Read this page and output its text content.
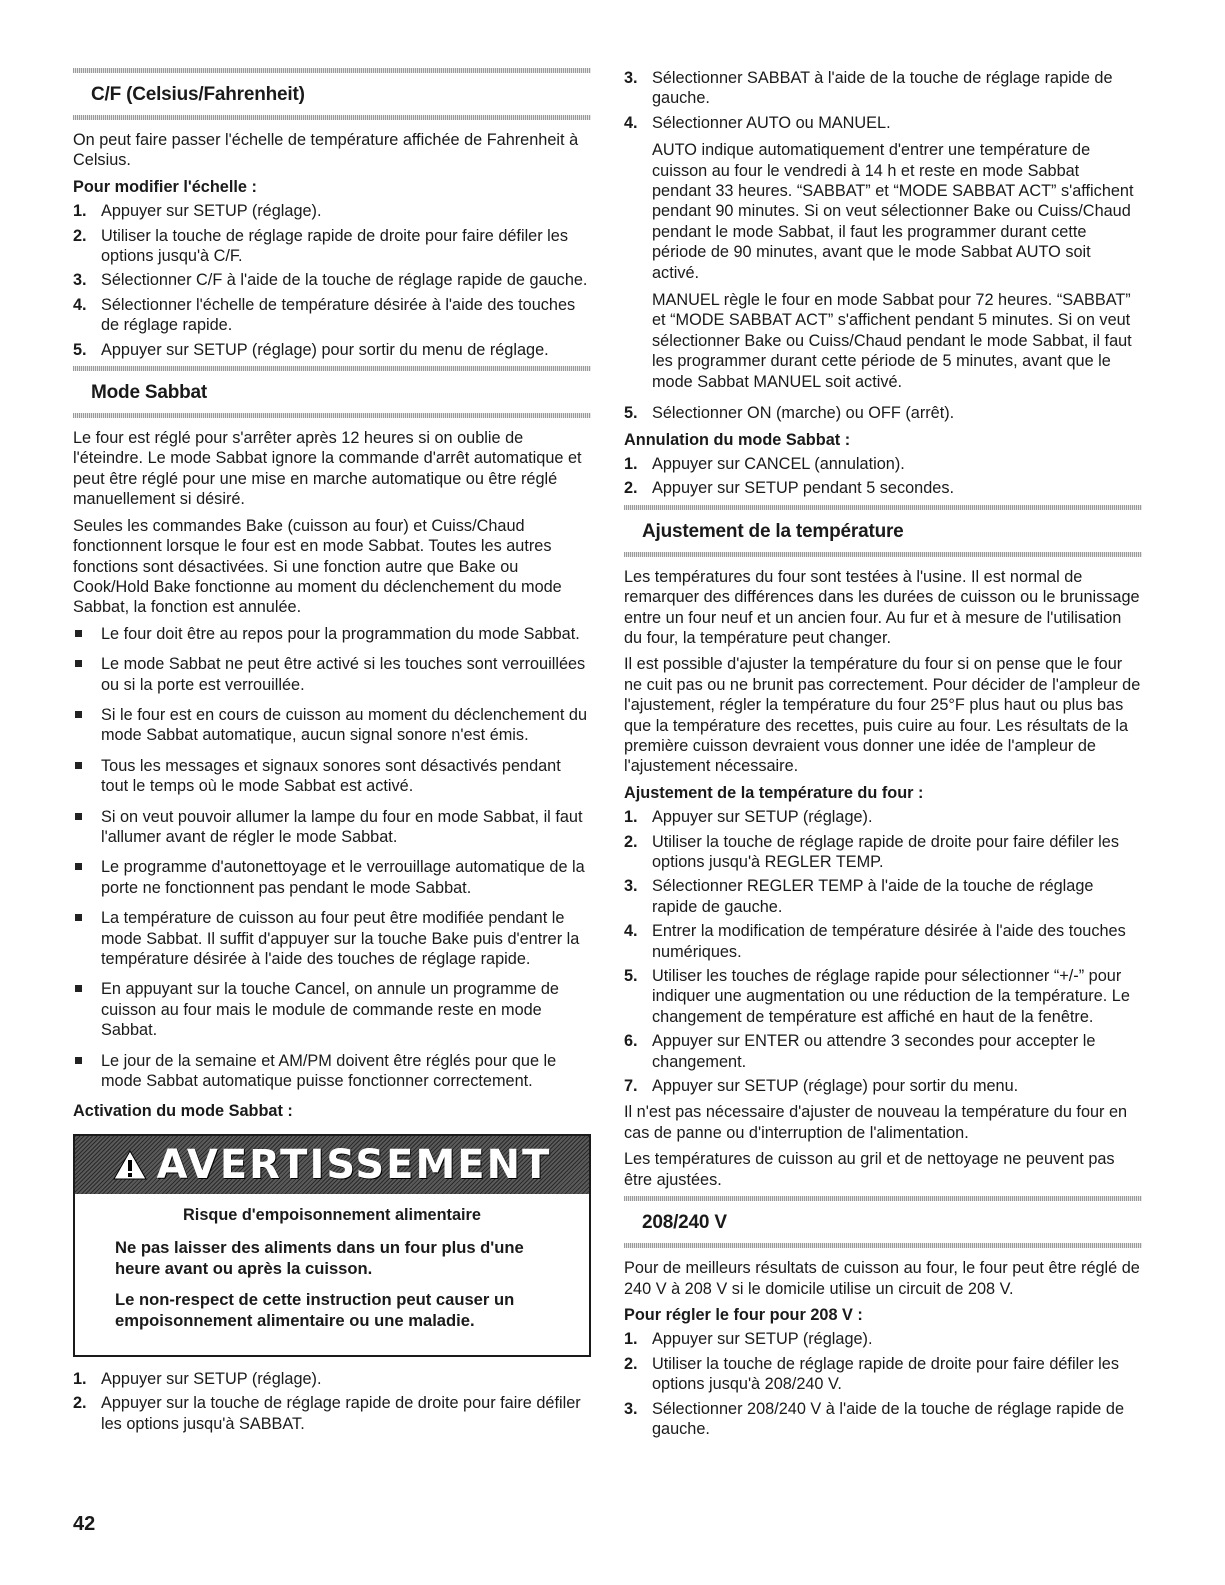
C/F (Celsius/Fahrenheit)

On peut faire passer l'échelle de température affichée de Fahrenheit à Celsius.

Pour modifier l'échelle :
1. Appuyer sur SETUP (réglage).
2. Utiliser la touche de réglage rapide de droite pour faire défiler les options jusqu'à C/F.
3. Sélectionner C/F à l'aide de la touche de réglage rapide de gauche.
4. Sélectionner l'échelle de température désirée à l'aide des touches de réglage rapide.
5. Appuyer sur SETUP (réglage) pour sortir du menu de réglage.
Mode Sabbat

Le four est réglé pour s'arrêter après 12 heures si on oublie de l'éteindre. Le mode Sabbat ignore la commande d'arrêt automatique et peut être réglé pour une mise en marche automatique ou être réglé manuellement si désiré.

Seules les commandes Bake (cuisson au four) et Cuiss/Chaud fonctionnent lorsque le four est en mode Sabbat. Toutes les autres fonctions sont désactivées. Si une fonction autre que Bake ou Cook/Hold Bake fonctionne au moment du déclenchement du mode Sabbat, la fonction est annulée.

Le four doit être au repos pour la programmation du mode Sabbat.
Le mode Sabbat ne peut être activé si les touches sont verrouillées ou si la porte est verrouillée.
Si le four est en cours de cuisson au moment du déclenchement du mode Sabbat automatique, aucun signal sonore n'est émis.
Tous les messages et signaux sonores sont désactivés pendant tout le temps où le mode Sabbat est activé.
Si on veut pouvoir allumer la lampe du four en mode Sabbat, il faut l'allumer avant de régler le mode Sabbat.
Le programme d'autonettoyage et le verrouillage automatique de la porte ne fonctionnent pas pendant le mode Sabbat.
La température de cuisson au four peut être modifiée pendant le mode Sabbat. Il suffit d'appuyer sur la touche Bake puis d'entrer la température désirée à l'aide des touches de réglage rapide.
En appuyant sur la touche Cancel, on annule un programme de cuisson au four mais le module de commande reste en mode Sabbat.
Le jour de la semaine et AM/PM doivent être réglés pour que le mode Sabbat automatique puisse fonctionner correctement.
Activation du mode Sabbat :
AVERTISSEMENT
Risque d'empoisonnement alimentaire
Ne pas laisser des aliments dans un four plus d'une heure avant ou après la cuisson.
Le non-respect de cette instruction peut causer un empoisonnement alimentaire ou une maladie.
1. Appuyer sur SETUP (réglage).
2. Appuyer sur la touche de réglage rapide de droite pour faire défiler les options jusqu'à SABBAT.
3. Sélectionner SABBAT à l'aide de la touche de réglage rapide de gauche.
4. Sélectionner AUTO ou MANUEL.

AUTO indique automatiquement d'entrer une température de cuisson au four le vendredi à 14 h et reste en mode Sabbat pendant 33 heures. “SABBAT” et “MODE SABBAT ACT” s'affichent pendant 90 minutes. Si on veut sélectionner Bake ou Cuiss/Chaud pendant le mode Sabbat, il faut les programmer durant cette période de 90 minutes, avant que le mode Sabbat AUTO soit activé.

MANUEL règle le four en mode Sabbat pour 72 heures. “SABBAT” et “MODE SABBAT ACT” s'affichent pendant 5 minutes. Si on veut sélectionner Bake ou Cuiss/Chaud pendant le mode Sabbat, il faut les programmer durant cette période de 5 minutes, avant que le mode Sabbat MANUEL soit activé.

5. Sélectionner ON (marche) ou OFF (arrêt).
Annulation du mode Sabbat :
1. Appuyer sur CANCEL (annulation).
2. Appuyer sur SETUP pendant 5 secondes.
Ajustement de la température

Les températures du four sont testées à l'usine. Il est normal de remarquer des différences dans les durées de cuisson ou le brunissage entre un four neuf et un ancien four. Au fur et à mesure de l'utilisation du four, la température peut changer.

Il est possible d'ajuster la température du four si on pense que le four ne cuit pas ou ne brunit pas correctement. Pour décider de l'ampleur de l'ajustement, régler la température du four 25°F plus haut ou plus bas que la température des recettes, puis cuire au four. Les résultats de la première cuisson devraient vous donner une idée de l'ampleur de l'ajustement nécessaire.

Ajustement de la température du four :
1. Appuyer sur SETUP (réglage).
2. Utiliser la touche de réglage rapide de droite pour faire défiler les options jusqu'à REGLER TEMP.
3. Sélectionner REGLER TEMP à l'aide de la touche de réglage rapide de gauche.
4. Entrer la modification de température désirée à l'aide des touches numériques.
5. Utiliser les touches de réglage rapide pour sélectionner “+/-” pour indiquer une augmentation ou une réduction de la température. Le changement de température est affiché en haut de la fenêtre.
6. Appuyer sur ENTER ou attendre 3 secondes pour accepter le changement.
7. Appuyer sur SETUP (réglage) pour sortir du menu.

Il n'est pas nécessaire d'ajuster de nouveau la température du four en cas de panne ou d'interruption de l'alimentation.

Les températures de cuisson au gril et de nettoyage ne peuvent pas être ajustées.

208/240 V

Pour de meilleurs résultats de cuisson au four, le four peut être réglé de 240 V à 208 V si le domicile utilise un circuit de 208 V.

Pour régler le four pour 208 V :
1. Appuyer sur SETUP (réglage).
2. Utiliser la touche de réglage rapide de droite pour faire défiler les options jusqu'à 208/240 V.
3. Sélectionner 208/240 V à l'aide de la touche de réglage rapide de gauche.
42
